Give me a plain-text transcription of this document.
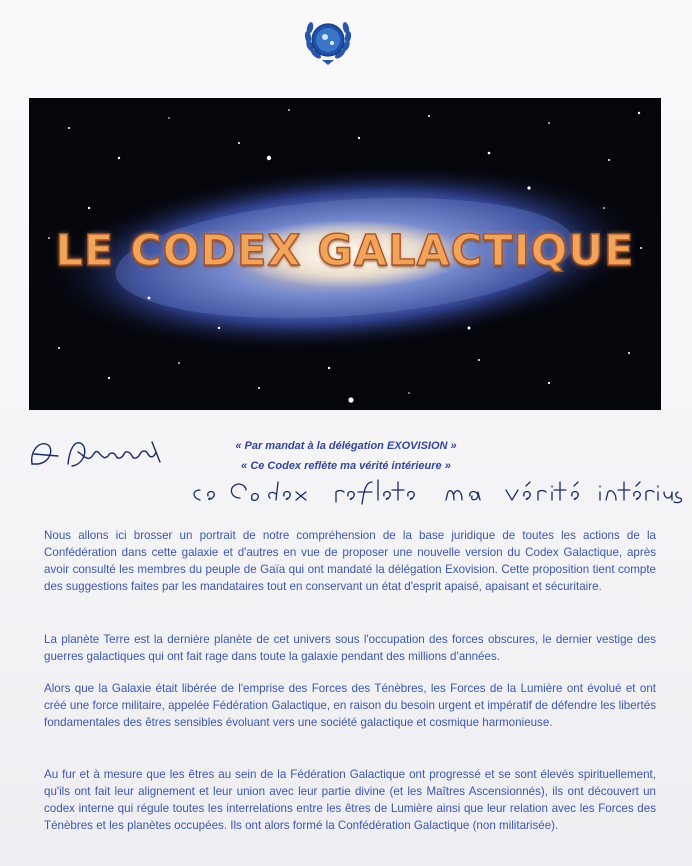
LE CODEX GALACTIQUE
« Par mandat à la délégation EXOVISION »
« Ce Codex reflète ma vérité intérieure »

Nous allons ici brosser un portrait de notre compréhension de la base juridique de toutes les actions de la Confédération dans cette galaxie et d'autres en vue de proposer une nouvelle version du Codex Galactique, après avoir consulté les membres du peuple de Gaïa qui ont mandaté la délégation Exovision. Cette proposition tient compte des suggestions faites par les mandataires tout en conservant un état d'esprit apaisé, apaisant et sécuritaire.

La planète Terre est la dernière planète de cet univers sous l'occupation des forces obscures, le dernier vestige des guerres galactiques qui ont fait rage dans toute la galaxie pendant des millions d'années.

Alors que la Galaxie était libérée de l'emprise des Forces des Ténèbres, les Forces de la Lumière ont évolué et ont créé une force militaire, appelée Fédération Galactique, en raison du besoin urgent et impératif de défendre les libertés fondamentales des êtres sensibles évoluant vers une société galactique et cosmique harmonieuse.

Au fur et à mesure que les êtres au sein de la Fédération Galactique ont progressé et se sont élevés spirituellement, qu'ils ont fait leur alignement et leur union avec leur partie divine (et les Maîtres Ascensionnés), ils ont découvert un codex interne qui régule toutes les interrelations entre les êtres de Lumière ainsi que leur relation avec les Forces des Ténèbres et les planètes occupées. Ils ont alors formé la Confédération Galactique (non militarisée).
